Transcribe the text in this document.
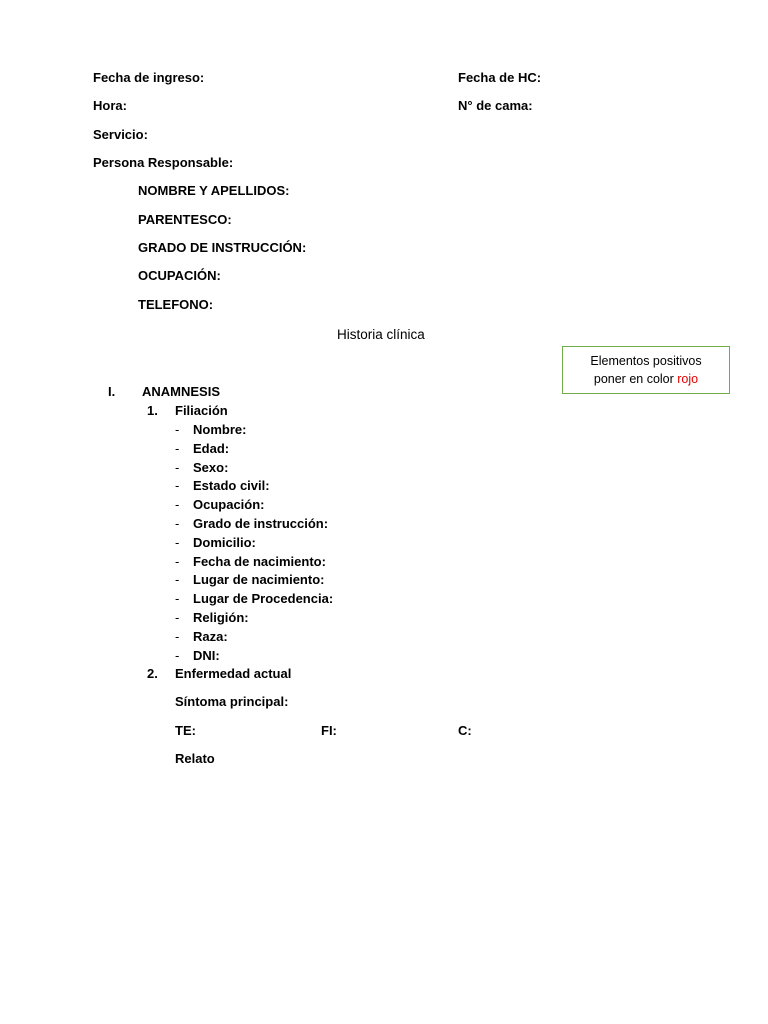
Fecha de ingreso:	Fecha de HC:
Hora:	N° de cama:
Servicio:
Persona Responsable:
NOMBRE Y APELLIDOS:
PARENTESCO:
GRADO DE INSTRUCCIÓN:
OCUPACIÓN:
TELEFONO:
Historia clínica
Elementos positivos
poner en color rojo
I. ANAMNESIS
1. Filiación
- Nombre:
- Edad:
- Sexo:
- Estado civil:
- Ocupación:
- Grado de instrucción:
- Domicilio:
- Fecha de nacimiento:
- Lugar de nacimiento:
- Lugar de Procedencia:
- Religión:
- Raza:
- DNI:
2. Enfermedad actual
Síntoma principal:
TE:	FI:	C:
Relato
